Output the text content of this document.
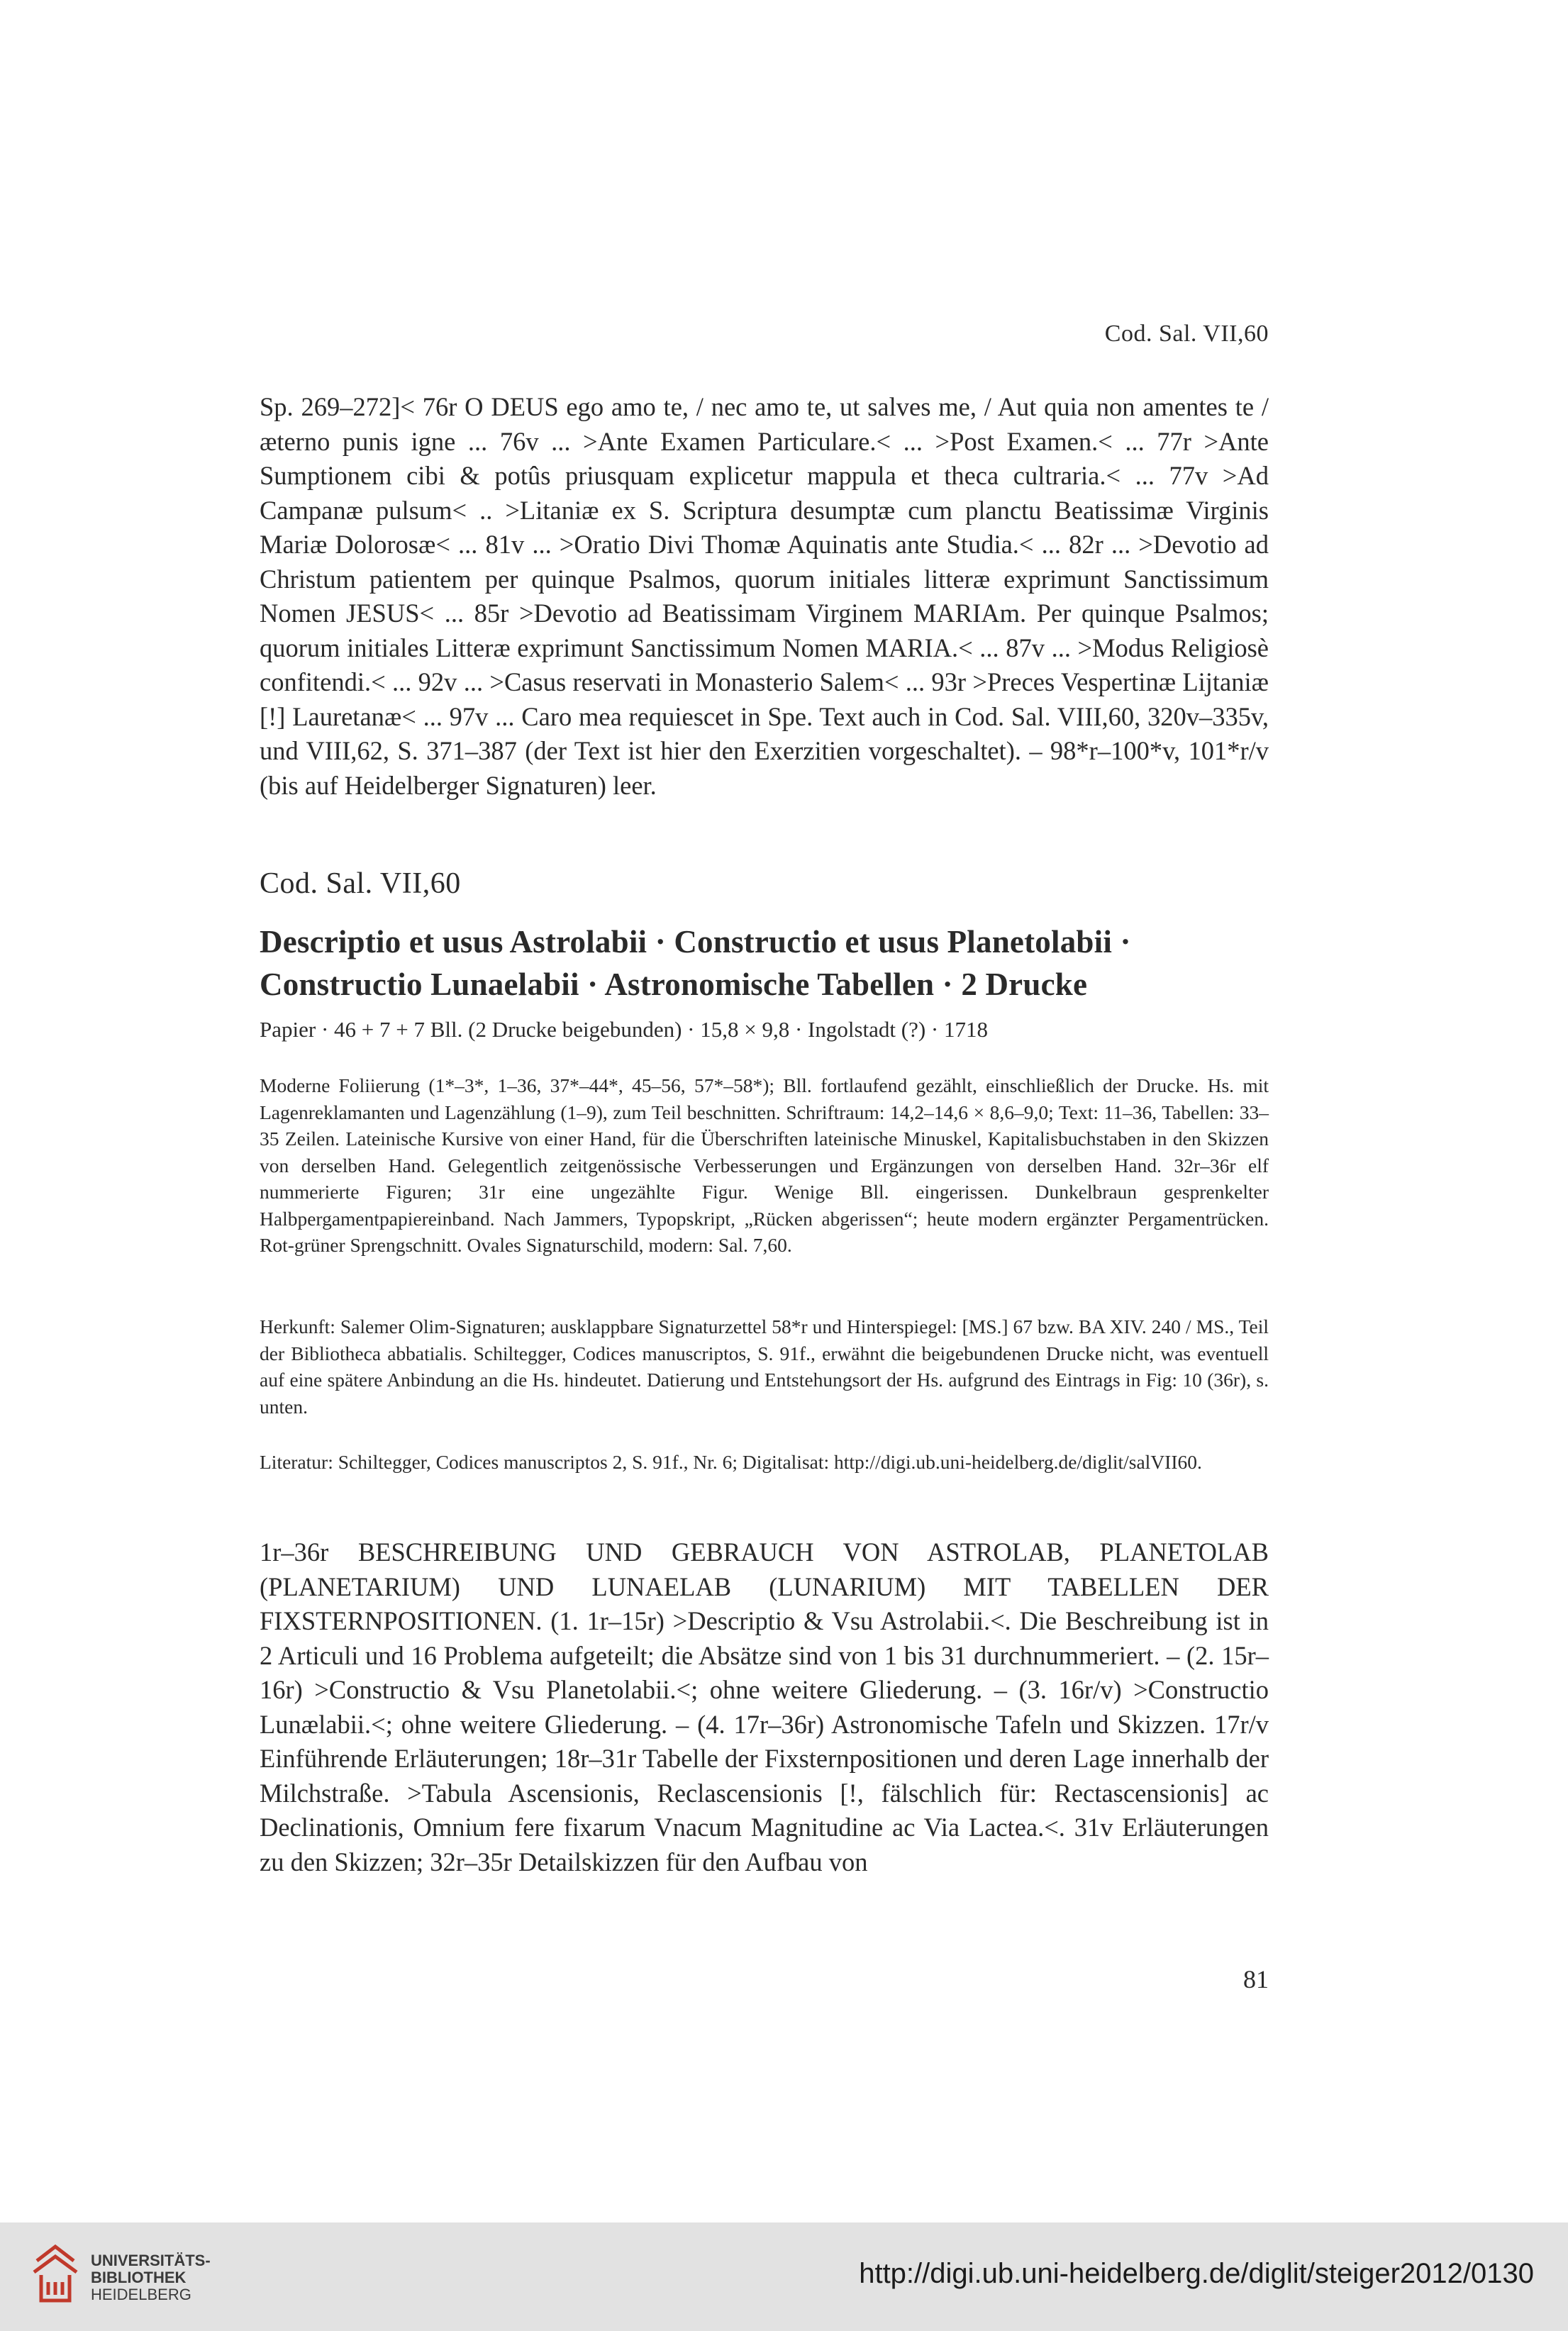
Cod. Sal. VII,60

Sp. 269–272]< 76r O DEUS ego amo te, / nec amo te, ut salves me, / Aut quia non amentes te / æterno punis igne ... 76v ... >Ante Examen Particulare.< ... >Post Examen.< ... 77r >Ante Sumptionem cibi & potûs priusquam explicetur mappula et theca cultraria.< ... 77v >Ad Campanæ pulsum< .. >Litaniæ ex S. Scriptura desumptæ cum planctu Beatissimæ Virginis Mariæ Dolorosæ< ... 81v ... >Oratio Divi Thomæ Aquinatis ante Studia.< ... 82r ... >Devotio ad Christum patientem per quinque Psalmos, quorum initiales litteræ exprimunt Sanctissimum Nomen JESUS< ... 85r >Devotio ad Beatissimam Virginem MARIAm. Per quinque Psalmos; quorum initiales Litteræ exprimunt Sanctissimum Nomen MARIA.< ... 87v ... >Modus Religiosè confitendi.< ... 92v ... >Casus reservati in Monasterio Salem< ... 93r >Preces Vespertinæ Lijtaniæ [!] Lauretanæ< ... 97v ... Caro mea requiescet in Spe. Text auch in Cod. Sal. VIII,60, 320v–335v, und VIII,62, S. 371–387 (der Text ist hier den Exerzitien vorgeschaltet). – 98*r–100*v, 101*r/v (bis auf Heidelberger Signaturen) leer.

Cod. Sal. VII,60
Descriptio et usus Astrolabii · Constructio et usus Planetolabii · Constructio Lunaelabii · Astronomische Tabellen · 2 Drucke
Papier · 46 + 7 + 7 Bll. (2 Drucke beigebunden) · 15,8 × 9,8 · Ingolstadt (?) · 1718

Moderne Foliierung (1*–3*, 1–36, 37*–44*, 45–56, 57*–58*); Bll. fortlaufend gezählt, einschließlich der Drucke. Hs. mit Lagenreklamanten und Lagenzählung (1–9), zum Teil beschnitten. Schriftraum: 14,2–14,6 × 8,6–9,0; Text: 11–36, Tabellen: 33–35 Zeilen. Lateinische Kursive von einer Hand, für die Überschriften lateinische Minuskel, Kapitalisbuchstaben in den Skizzen von derselben Hand. Gelegentlich zeitgenössische Verbesserungen und Ergänzungen von derselben Hand. 32r–36r elf nummerierte Figuren; 31r eine ungezählte Figur. Wenige Bll. eingerissen. Dunkelbraun gesprenkelter Halbpergamentpapiereinband. Nach Jammers, Typopskript, „Rücken abgerissen“; heute modern ergänzter Pergamentrücken. Rot-grüner Sprengschnitt. Ovales Signaturschild, modern: Sal. 7,60.

Herkunft: Salemer Olim-Signaturen; ausklappbare Signaturzettel 58*r und Hinterspiegel: [MS.] 67 bzw. BA XIV. 240 / MS., Teil der Bibliotheca abbatialis. Schiltegger, Codices manuscriptos, S. 91f., erwähnt die beigebundenen Drucke nicht, was eventuell auf eine spätere Anbindung an die Hs. hindeutet. Datierung und Entstehungsort der Hs. aufgrund des Eintrags in Fig: 10 (36r), s. unten.

Literatur: Schiltegger, Codices manuscriptos 2, S. 91f., Nr. 6; Digitalisat: http://digi.ub.uni-heidelberg.de/diglit/salVII60.

1r–36r BESCHREIBUNG UND GEBRAUCH VON ASTROLAB, PLANETOLAB (PLANETARIUM) UND LUNAELAB (LUNARIUM) MIT TABELLEN DER FIXSTERNPOSITIONEN. (1. 1r–15r) >Descriptio & Vsu Astrolabii.<. Die Beschreibung ist in 2 Articuli und 16 Problema aufgeteilt; die Absätze sind von 1 bis 31 durchnummeriert. – (2. 15r–16r) >Constructio & Vsu Planetolabii.<; ohne weitere Gliederung. – (3. 16r/v) >Constructio Lunælabii.<; ohne weitere Gliederung. – (4. 17r–36r) Astronomische Tafeln und Skizzen. 17r/v Einführende Erläuterungen; 18r–31r Tabelle der Fixsternpositionen und deren Lage innerhalb der Milchstraße. >Tabula Ascensionis, Reclascensionis [!, fälschlich für: Rectascensionis] ac Declinationis, Omnium fere fixarum Vnacum Magnitudine ac Via Lactea.<. 31v Erläuterungen zu den Skizzen; 32r–35r Detailskizzen für den Aufbau von

81
UNIVERSITÄTS-
BIBLIOTHEK
HEIDELBERG
http://digi.ub.uni-heidelberg.de/diglit/steiger2012/0130
